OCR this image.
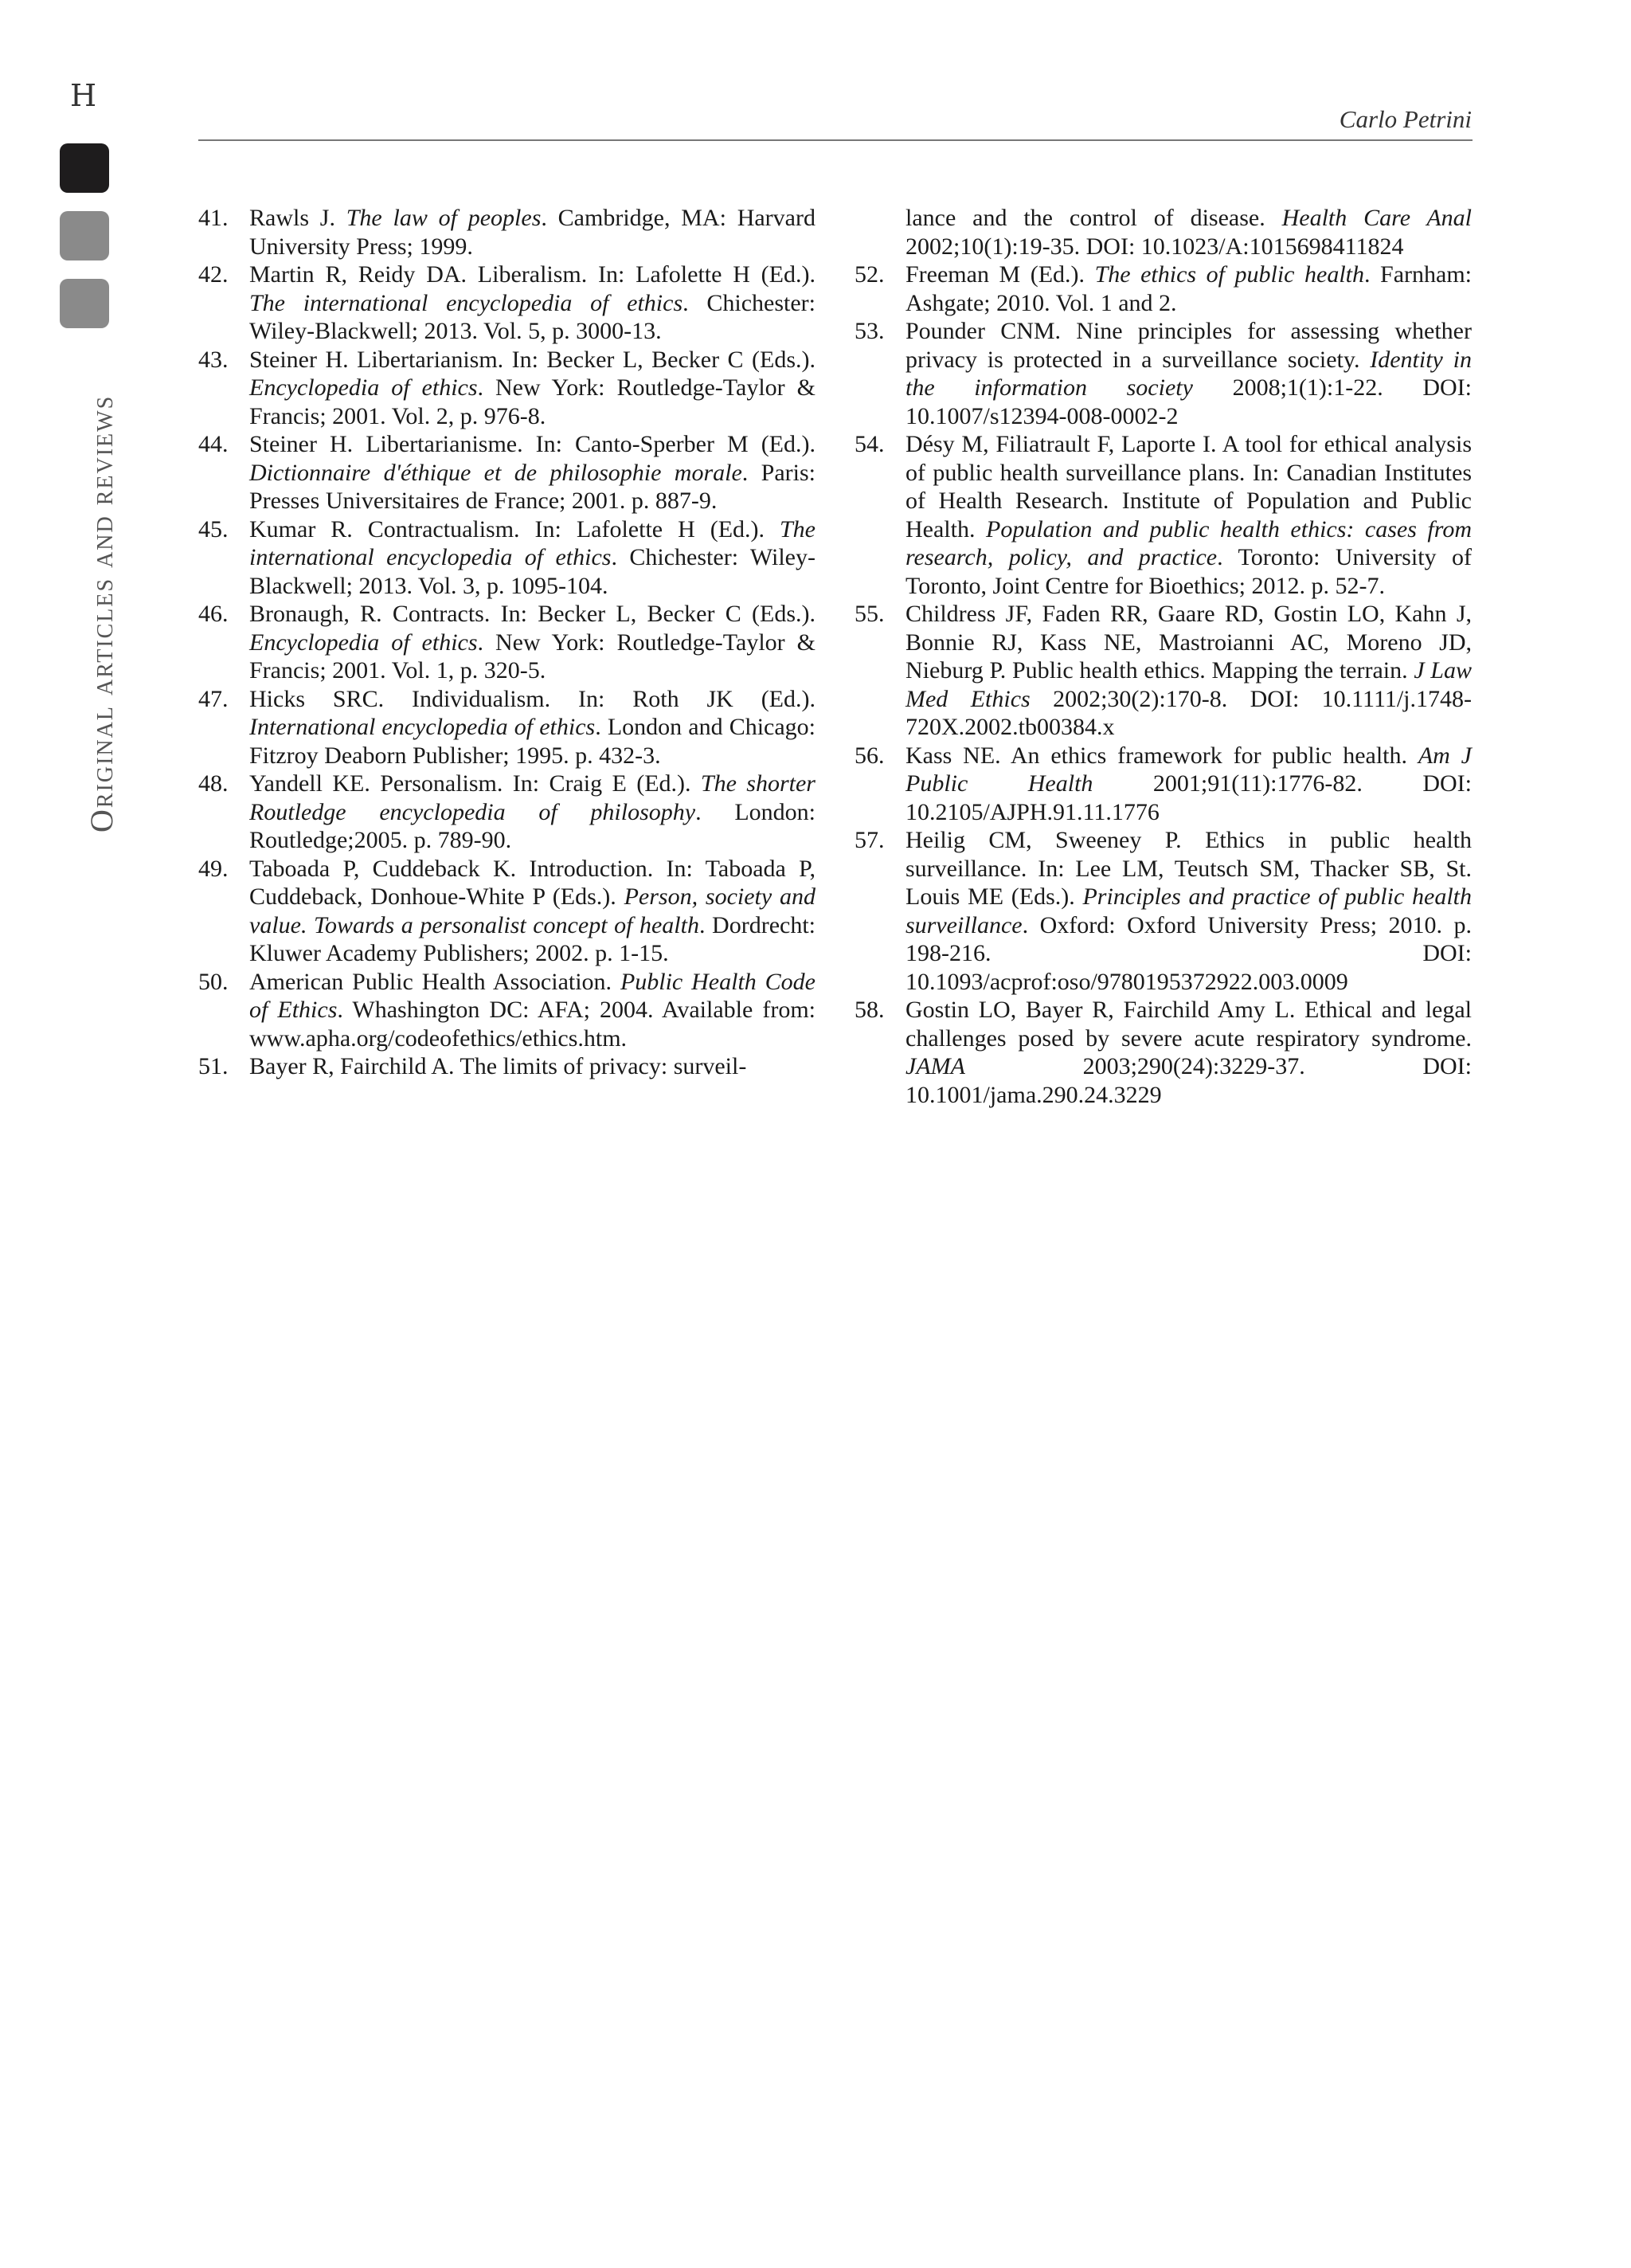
H
Original articles and reviews
Carlo Petrini
41. Rawls J. The law of peoples. Cambridge, MA: Harvard University Press; 1999.
42. Martin R, Reidy DA. Liberalism. In: Lafolette H (Ed.). The international encyclopedia of ethics. Chichester: Wiley-Blackwell; 2013. Vol. 5, p. 3000-13.
43. Steiner H. Libertarianism. In: Becker L, Becker C (Eds.). Encyclopedia of ethics. New York: Routledge-Taylor & Francis; 2001. Vol. 2, p. 976-8.
44. Steiner H. Libertarianisme. In: Canto-Sperber M (Ed.). Dictionnaire d'éthique et de philosophie morale. Paris: Presses Universitaires de France; 2001. p. 887-9.
45. Kumar R. Contractualism. In: Lafolette H (Ed.). The international encyclopedia of ethics. Chichester: Wiley-Blackwell; 2013. Vol. 3, p. 1095-104.
46. Bronaugh, R. Contracts. In: Becker L, Becker C (Eds.). Encyclopedia of ethics. New York: Routledge-Taylor & Francis; 2001. Vol. 1, p. 320-5.
47. Hicks SRC. Individualism. In: Roth JK (Ed.). International encyclopedia of ethics. London and Chicago: Fitzroy Deaborn Publisher; 1995. p. 432-3.
48. Yandell KE. Personalism. In: Craig E (Ed.). The shorter Routledge encyclopedia of philosophy. London: Routledge;2005. p. 789-90.
49. Taboada P, Cuddeback K. Introduction. In: Taboada P, Cuddeback, Donhoue-White P (Eds.). Person, society and value. Towards a personalist concept of health. Dordrecht: Kluwer Academy Publishers; 2002. p. 1-15.
50. American Public Health Association. Public Health Code of Ethics. Whashington DC: AFA; 2004. Available from: www.apha.org/codeofethics/ethics.htm.
51. Bayer R, Fairchild A. The limits of privacy: surveil-
lance and the control of disease. Health Care Anal 2002;10(1):19-35. DOI: 10.1023/A:1015698411824
52. Freeman M (Ed.). The ethics of public health. Farnham: Ashgate; 2010. Vol. 1 and 2.
53. Pounder CNM. Nine principles for assessing whether privacy is protected in a surveillance society. Identity in the information society 2008;1(1):1-22. DOI: 10.1007/s12394-008-0002-2
54. Désy M, Filiatrault F, Laporte I. A tool for ethical analysis of public health surveillance plans. In: Canadian Institutes of Health Research. Institute of Population and Public Health. Population and public health ethics: cases from research, policy, and practice. Toronto: University of Toronto, Joint Centre for Bioethics; 2012. p. 52-7.
55. Childress JF, Faden RR, Gaare RD, Gostin LO, Kahn J, Bonnie RJ, Kass NE, Mastroianni AC, Moreno JD, Nieburg P. Public health ethics. Mapping the terrain. J Law Med Ethics 2002;30(2):170-8. DOI: 10.1111/j.1748-720X.2002.tb00384.x
56. Kass NE. An ethics framework for public health. Am J Public Health 2001;91(11):1776-82. DOI: 10.2105/AJPH.91.11.1776
57. Heilig CM, Sweeney P. Ethics in public health surveillance. In: Lee LM, Teutsch SM, Thacker SB, St. Louis ME (Eds.). Principles and practice of public health surveillance. Oxford: Oxford University Press; 2010. p. 198-216. DOI: 10.1093/acprof:oso/9780195372922.003.0009
58. Gostin LO, Bayer R, Fairchild Amy L. Ethical and legal challenges posed by severe acute respiratory syndrome. JAMA 2003;290(24):3229-37. DOI: 10.1001/jama.290.24.3229
